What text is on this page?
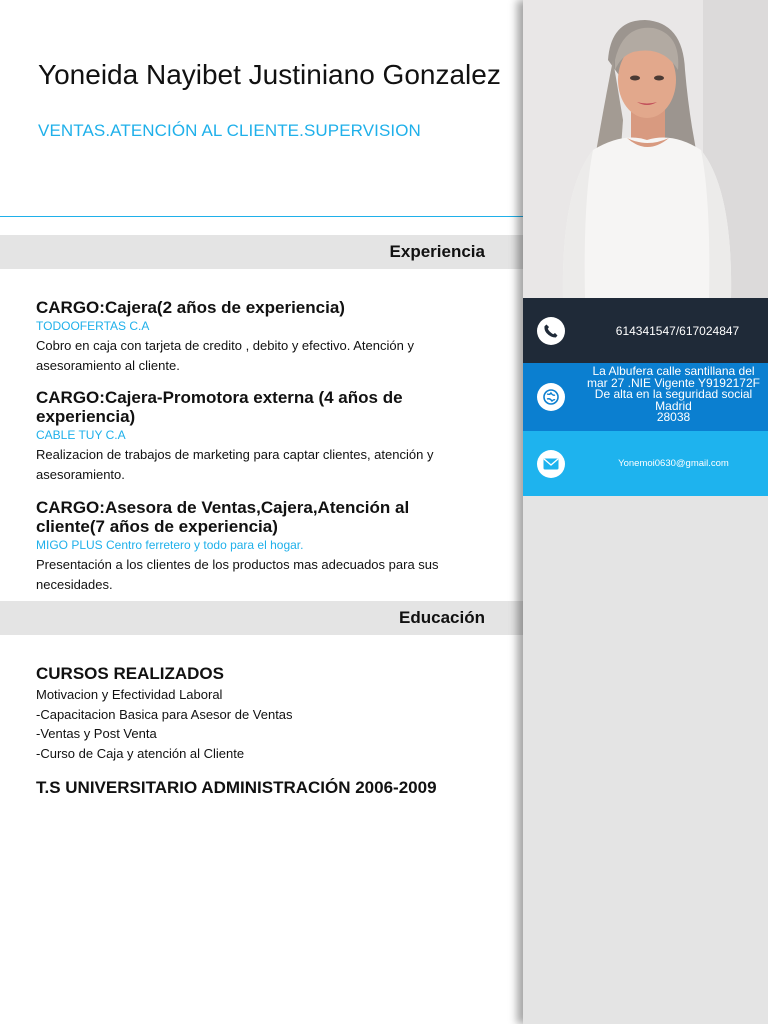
Yoneida Nayibet Justiniano Gonzalez
VENTAS.ATENCIÓN AL CLIENTE.SUPERVISION
Experiencia
CARGO:Cajera(2 años de experiencia)
TODOOFERTAS C.A
Cobro en caja con tarjeta de credito , debito y efectivo. Atención y asesoramiento al cliente.
CARGO:Cajera-Promotora externa (4 años de experiencia)
CABLE TUY C.A
Realizacion de trabajos de marketing para captar clientes, atención y asesoramiento.
CARGO:Asesora de Ventas,Cajera,Atención al cliente(7 años de experiencia)
MIGO PLUS Centro ferretero y todo para el hogar.
Presentación a los clientes de los productos mas adecuados para sus necesidades.
Educación
CURSOS REALIZADOS
Motivacion y Efectividad Laboral
-Capacitacion Basica para Asesor de Ventas
-Ventas y Post Venta
-Curso de Caja y atención al Cliente
T.S UNIVERSITARIO ADMINISTRACIÓN 2006-2009
614341547/617024847
La Albufera calle santillana del
mar 27 .NIE Vigente Y9192172F
De alta en la seguridad social
Madrid
28038
Yonemoi0630@gmail.com
